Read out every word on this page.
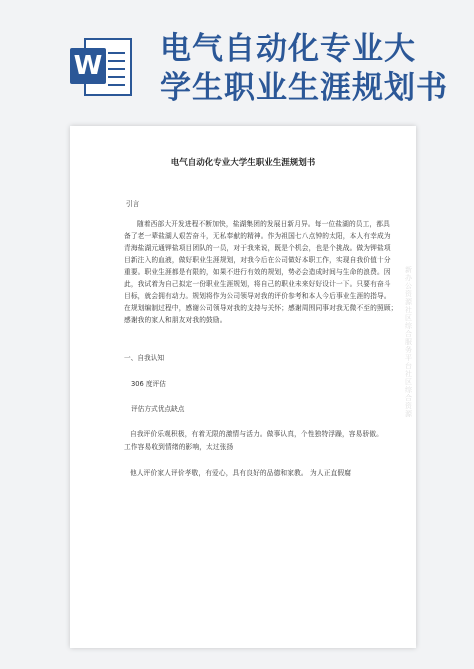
W 电气自动化专业大
学生职业生涯规划书
电气自动化专业大学生职业生涯规划书
引言
随着西部大开发进程不断加快，盐湖集团的发展日新月异。每一位盐湖的员工，都具
备了老一辈盐湖人艰苦奋斗，无私奉献的精神。作为祖国七八点钟的太阳，本人有幸成为
青海盐湖元通钾盐项目团队的一员，对于我来说，既是个机会，也是个挑战。做为钾盐项
目新注入的血液，做好职业生涯规划，对我今后在公司做好本职工作，实现自我价值十分
重要。职业生涯都是有限的，如果不进行有效的规划，势必会造成时间与生命的浪费。因
此，我试着为自己拟定一份职业生涯规划，将自己的职业未来好好设计一下。只要有奋斗
目标，就会拥有动力。规划将作为公司领导对我的评价参考和本人今后事业生涯的指导。
在规划编制过程中，感谢公司领导对我的支持与关怀；感谢周围同事对我无微不至的照顾；
感谢我的家人和朋友对我的鼓励。
一、自我认知
306 度评估
评估方式优点缺点
自我评价乐观积极，有着无限的激情与活力。做事认真，个性独特浮躁，容易骄傲。
工作容易收到情绪的影响，太过张扬
他人评价家人评价孝敬，有爱心，具有良好的品德和家教。 为人正直假腐
新办公资源社区综合服务平台社区综合资源
